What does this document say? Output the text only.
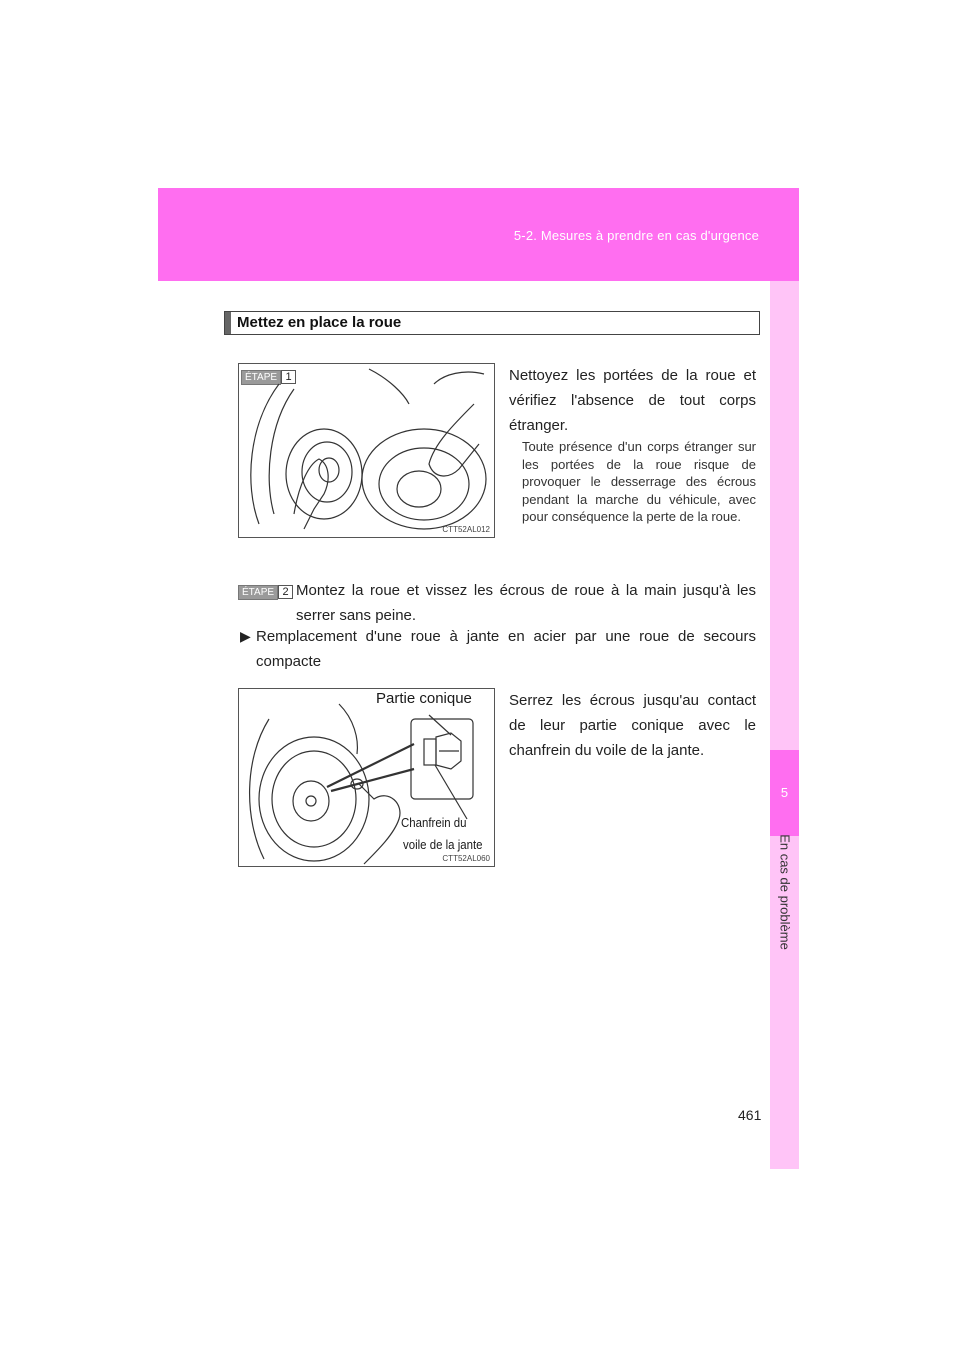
5-2. Mesures à prendre en cas d'urgence
5
En cas de problème
Mettez en place la roue
ÉTAPE 1
CTT52AL012
Nettoyez les portées de la roue et vérifiez l'absence de tout corps étranger.
Toute présence d'un corps étranger sur les portées de la roue risque de provoquer le desserrage des écrous pendant la marche du véhicule, avec pour conséquence la perte de la roue.
ÉTAPE 2 Montez la roue et vissez les écrous de roue à la main jusqu'à les serrer sans peine.
▶ Remplacement d'une roue à jante en acier par une roue de secours compacte
Partie conique
Chanfrein du
voile de la jante
CTT52AL060
Serrez les écrous jusqu'au contact de leur partie conique avec le chanfrein du voile de la jante.
461
